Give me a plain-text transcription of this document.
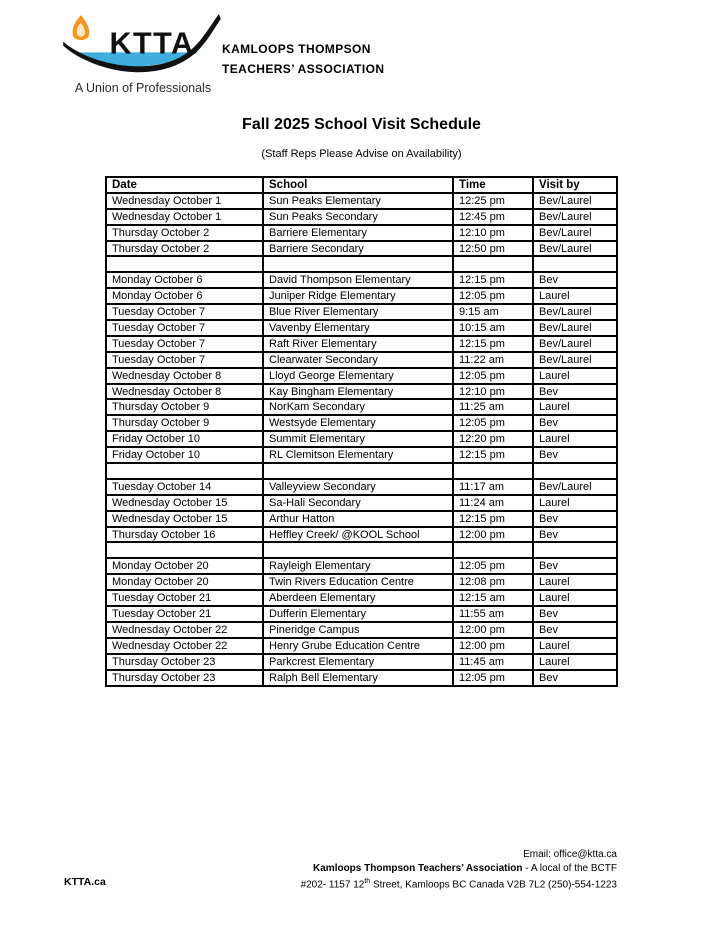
KTTA
A Union of Professionals
KAMLOOPS THOMPSON
TEACHERS’ ASSOCIATION
Fall 2025 School Visit Schedule
(Staff Reps Please Advise on Availability)
Date	School	Time	Visit by
Wednesday October 1	Sun Peaks Elementary	12:25 pm	Bev/Laurel
Wednesday October 1	Sun Peaks Secondary	12:45 pm	Bev/Laurel
Thursday October 2	Barriere Elementary	12:10 pm	Bev/Laurel
Thursday October 2	Barriere Secondary	12:50 pm	Bev/Laurel

Monday October 6	David Thompson Elementary	12:15 pm	Bev
Monday October 6	Juniper Ridge Elementary	12:05 pm	Laurel
Tuesday October 7	Blue River Elementary	9:15 am	Bev/Laurel
Tuesday October 7	Vavenby Elementary	10:15 am	Bev/Laurel
Tuesday October 7	Raft River Elementary	12:15 pm	Bev/Laurel
Tuesday October 7	Clearwater Secondary	11:22 am	Bev/Laurel
Wednesday October 8	Lloyd George Elementary	12:05 pm	Laurel
Wednesday October 8	Kay Bingham Elementary	12:10 pm	Bev
Thursday October 9	NorKam Secondary	11:25 am	Laurel
Thursday October 9	Westsyde Elementary	12:05 pm	Bev
Friday October 10	Summit Elementary	12:20 pm	Laurel
Friday October 10	RL Clemitson Elementary	12:15 pm	Bev

Tuesday October 14	Valleyview Secondary	11:17 am	Bev/Laurel
Wednesday October 15	Sa-Hali Secondary	11:24 am	Laurel
Wednesday October 15	Arthur Hatton	12:15 pm	Bev
Thursday October 16	Heffley Creek/ @KOOL School	12:00 pm	Bev

Monday October 20	Rayleigh Elementary	12:05 pm	Bev
Monday October 20	Twin Rivers Education Centre	12:08 pm	Laurel
Tuesday October 21	Aberdeen Elementary	12:15 am	Laurel
Tuesday October 21	Dufferin Elementary	11:55 am	Bev
Wednesday October 22	Pineridge Campus	12:00 pm	Bev
Wednesday October 22	Henry Grube Education Centre	12:00 pm	Laurel
Thursday October 23	Parkcrest Elementary	11:45 am	Laurel
Thursday October 23	Ralph Bell Elementary	12:05 pm	Bev
KTTA.ca
Email: office@ktta.ca
Kamloops Thompson Teachers’ Association - A local of the BCTF
#202- 1157 12th Street, Kamloops BC Canada V2B 7L2 (250)-554-1223
